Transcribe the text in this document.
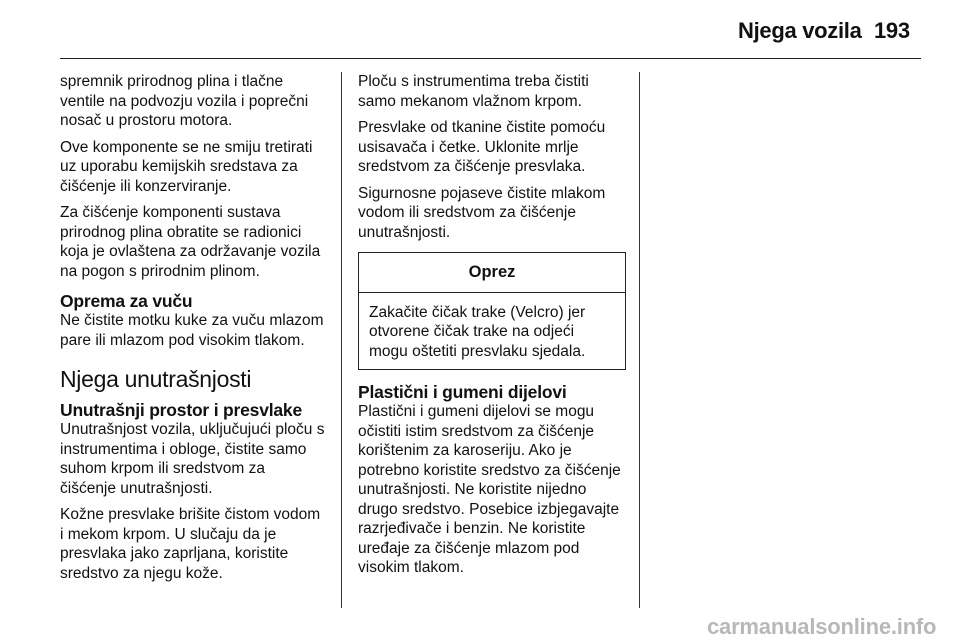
Njega vozila 193

spremnik prirodnog plina i tlačne ventile na podvozju vozila i poprečni nosač u prostoru motora.

Ove komponente se ne smiju tretirati uz uporabu kemijskih sredstava za čišćenje ili konzerviranje.

Za čišćenje komponenti sustava prirodnog plina obratite se radionici koja je ovlaštena za održavanje vozila na pogon s prirodnim plinom.

Oprema za vuču

Ne čistite motku kuke za vuču mlazom pare ili mlazom pod visokim tlakom.

Njega unutrašnjosti
Unutrašnji prostor i presvlake

Unutrašnjost vozila, uključujući ploču s instrumentima i obloge, čistite samo suhom krpom ili sredstvom za čišćenje unutrašnjosti.

Kožne presvlake brišite čistom vodom i mekom krpom. U slučaju da je presvlaka jako zaprljana, koristite sredstvo za njegu kože.

Ploču s instrumentima treba čistiti samo mekanom vlažnom krpom.

Presvlake od tkanine čistite pomoću usisavača i četke. Uklonite mrlje sredstvom za čišćenje presvlaka.

Sigurnosne pojaseve čistite mlakom vodom ili sredstvom za čišćenje unutrašnjosti.

Oprez
Zakačite čičak trake (Velcro) jer otvorene čičak trake na odjeći mogu oštetiti presvlaku sjedala.
Plastični i gumeni dijelovi

Plastični i gumeni dijelovi se mogu očistiti istim sredstvom za čišćenje korištenim za karoseriju. Ako je potrebno koristite sredstvo za čišćenje unutrašnjosti. Ne koristite nijedno drugo sredstvo. Posebice izbjegavajte razrjeđivače i benzin. Ne koristite uređaje za čišćenje mlazom pod visokim tlakom.

carmanualsonline.info
